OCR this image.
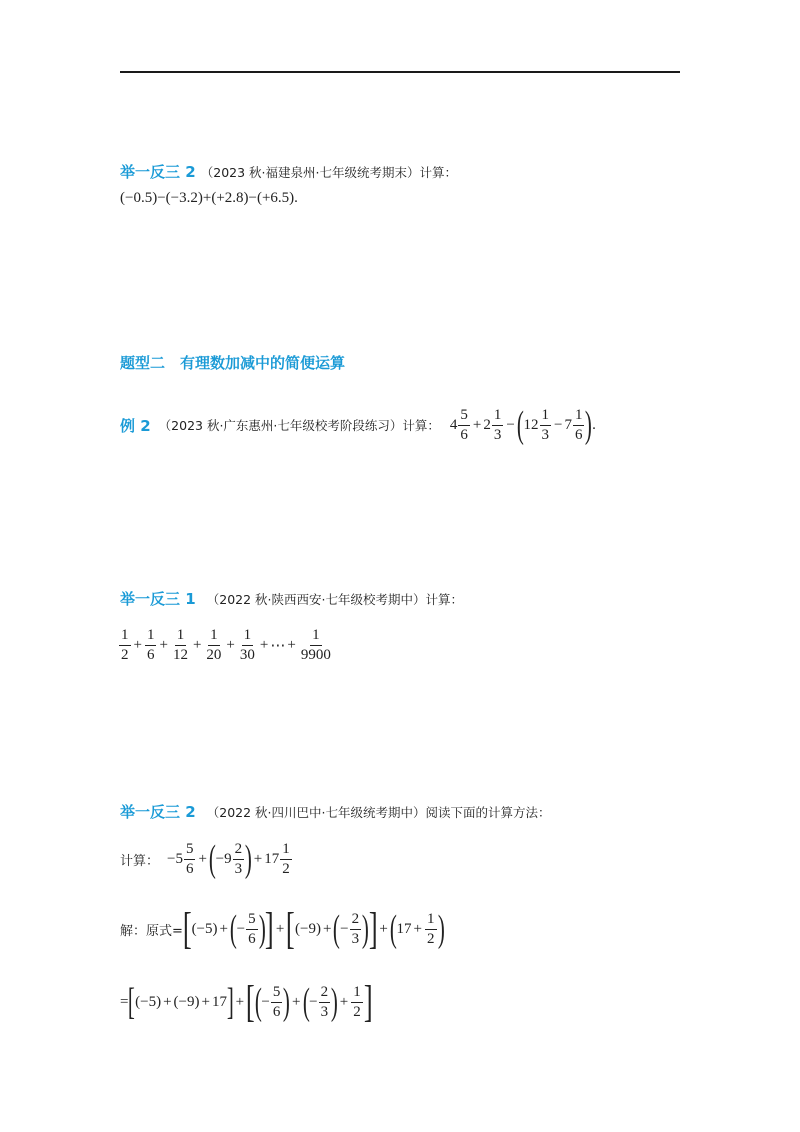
举一反三 2 （2023 秋·福建泉州·七年级统考期末）计算：
(−0.5)−(−3.2)+(+2.8)−(+6.5).
题型二　有理数加减中的简便运算
例 2 （2023 秋·广东惠州·七年级校考阶段练习）计算： $4 \frac{5}{6} + 2 \frac{1}{3}$ − ( $12 \frac{1}{3} - 7 \frac{1}{6}$ ) .
举一反三 1 （2022 秋·陕西西安·七年级校考期中）计算：
$\frac{1}{2} + \frac{1}{6} + \frac{1}{12} + \frac{1}{20} + \frac{1}{30}$ + ⋯ + $\frac{1}{9900}$
举一反三 2 （2022 秋·四川巴中·七年级统考期中）阅读下面的计算方法：
计算： $-5 \frac{5}{6}$ + ( $-9 \frac{2}{3}$ ) + $17 \frac{1}{2}$
解：原式= [ (−5) + ( − $\frac{5}{6}$ ) ] + [ (−9) + ( − $\frac{2}{3}$ ) ] + ( $17 + \frac{1}{2}$ )
= [ (−5) + (−9) + 17 ] + [ ( − $\frac{5}{6}$ ) + ( − $\frac{2}{3}$ ) + $\frac{1}{2}$ ]
